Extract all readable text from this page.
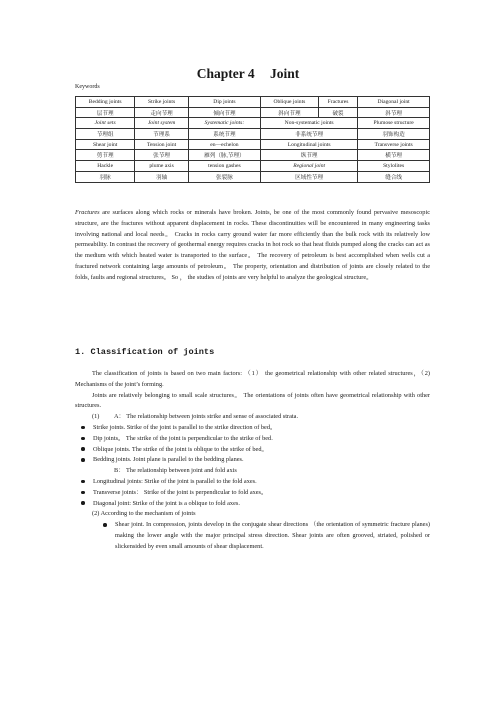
Chapter 4 Joint
Keywords
Bedding joints	Strike joints	Dip joints	Oblique joints	Fractures	Diagonal joint
层节理	走向节理	倾向节理	斜向节理	破裂	斜节理
Joint sets	Joint system	Systematic joints:	Non-systematic joints		Plumose structure
节理组	节理系	系统节理	非系统节理		羽饰构造
Shear joint	Tension joint	en—echelon	Longitudinal joints		Transverse joints
剪节理	张节理	雁列（脉,节理）	纵节理		横节理
Hackle	plume axis	tension gashes	Regional joint		Stylolites
羽脉	羽轴	张裂脉	区域性节理		缝合线
Fractures are surfaces along which rocks or minerals have broken. Joints, be one of the most commonly found pervasive mesoscopic structure, are the fractures without apparent displacement in rocks. These discontinuities will be encountered in many engineering tasks involving national and local needs。 Cracks in rocks carry ground water far more efficiently than the bulk rock with its relatively low permeability. In contrast the recovery of geothermal energy requires cracks in hot rock so that heat fluids pumped along the cracks can act as the medium with which heated water is transported to the surface。 The recovery of petroleum is best accomplished when wells cut a fractured network containing large amounts of petroleum。 The property, orientation and distribution of joints are closely related to the folds, faults and regional structures。 So ， the studies of joints are very helpful to analyze the geological structure。
1. Classification of joints

The classification of joints is based on two main factors: （1） the geometrical relationship with other related structures，（2) Mechanisms of the joint’s forming.

Joints are relatively belonging to small scale structures。 The orientations of joints often have geometrical relationship with other structures.

(1)	A： The relationship between joints strike and sense of associated strata.
Strike joints. Strike of the joint is parallel to the strike direction of bed。
Dip joints。 The strike of the joint is perpendicular to the strike of bed.
Oblique joints. The strike of the joint is oblique to the strike of bed。
Bedding joints. Joint plane is parallel to the bedding planes.
B： The relationship between joint and fold axis
Longitudinal joints: Strike of the joint is parallel to the fold axes.
Transverse joints： Strike of the joint is perpendicular to fold axes。
Diagonal joint: Strike of the joint is a oblique to fold axes.
(2) According to the mechanism of joints
Shear joint. In compression, joints develop in the conjugate shear directions （the orientation of symmetric fracture planes) making the lower angle with the major principal stress direction. Shear joints are often grooved, striated, polished or slickensided by even small amounts of shear displacement.
